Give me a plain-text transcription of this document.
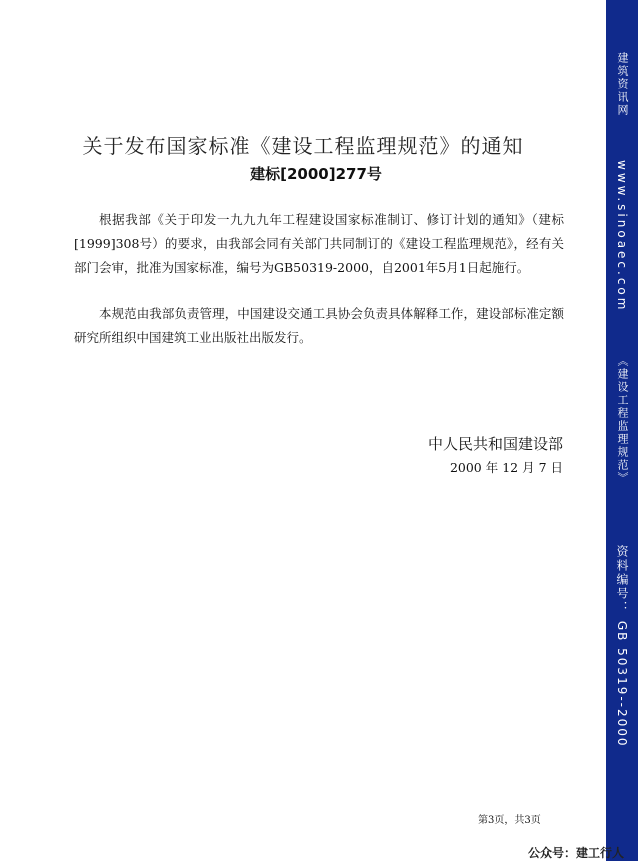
建筑资讯网
www.sinoaec.com
《建设工程监理规范》
资料编号： GB 50319--2000
关于发布国家标准《建设工程监理规范》的通知
建标[2000]277号

根据我部《关于印发一九九九年工程建设国家标准制订、修订计划的通知》（建标[1999]308号）的要求，由我部会同有关部门共同制订的《建设工程监理规范》，经有关部门会审，批准为国家标准，编号为GB50319-2000，自2001年5月1日起施行。

本规范由我部负责管理，中国建设交通工具协会负责具体解释工作，建设部标准定额研究所组织中国建筑工业出版社出版发行。

中人民共和国建设部
2000 年 12 月 7 日
第3页，共3页
公众号：建工行人
